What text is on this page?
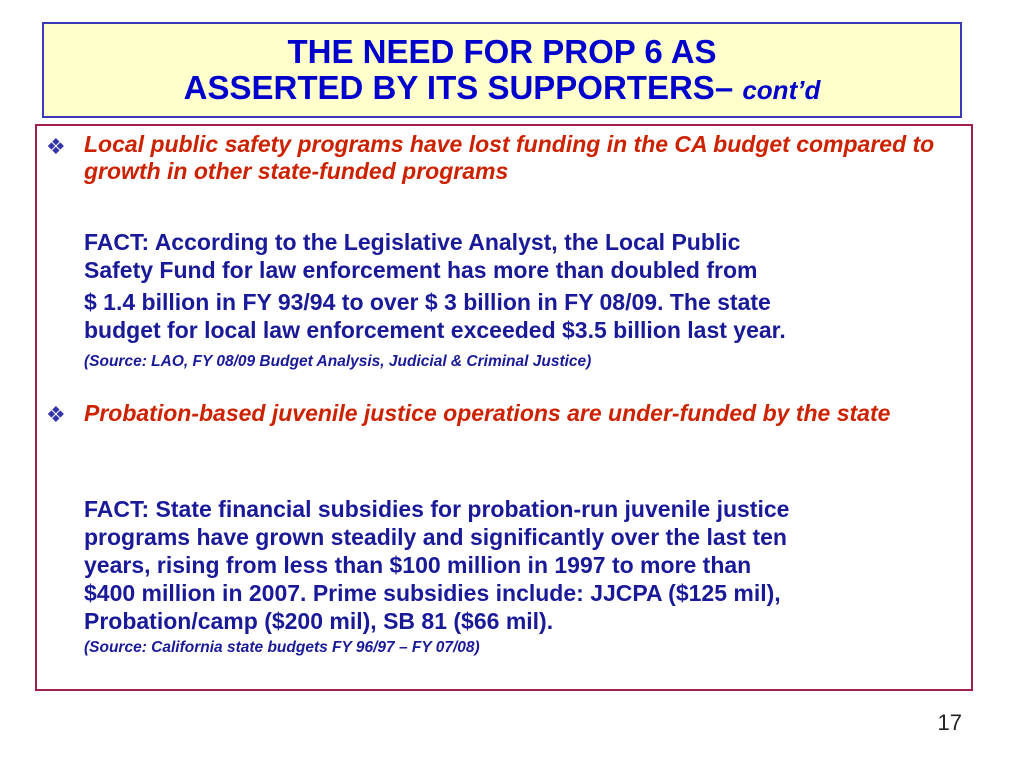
THE NEED FOR PROP 6 AS
ASSERTED BY ITS SUPPORTERS– cont’d
❖ Local public safety programs have lost funding in the CA budget compared to growth in other state-funded programs
FACT: According to the Legislative Analyst, the Local Public
Safety Fund for law enforcement has more than doubled from
$ 1.4 billion in FY 93/94 to over $ 3 billion in FY 08/09. The state
budget for local law enforcement exceeded $3.5 billion last year.
(Source: LAO, FY 08/09 Budget Analysis, Judicial & Criminal Justice)
❖ Probation-based juvenile justice operations are under-funded by the state
FACT: State financial subsidies for probation-run juvenile justice
programs have grown steadily and significantly over the last ten
years, rising from less than $100 million in 1997 to more than
$400 million in 2007. Prime subsidies include: JJCPA ($125 mil),
Probation/camp ($200 mil), SB 81 ($66 mil).
(Source: California state budgets FY 96/97 – FY 07/08)
17
